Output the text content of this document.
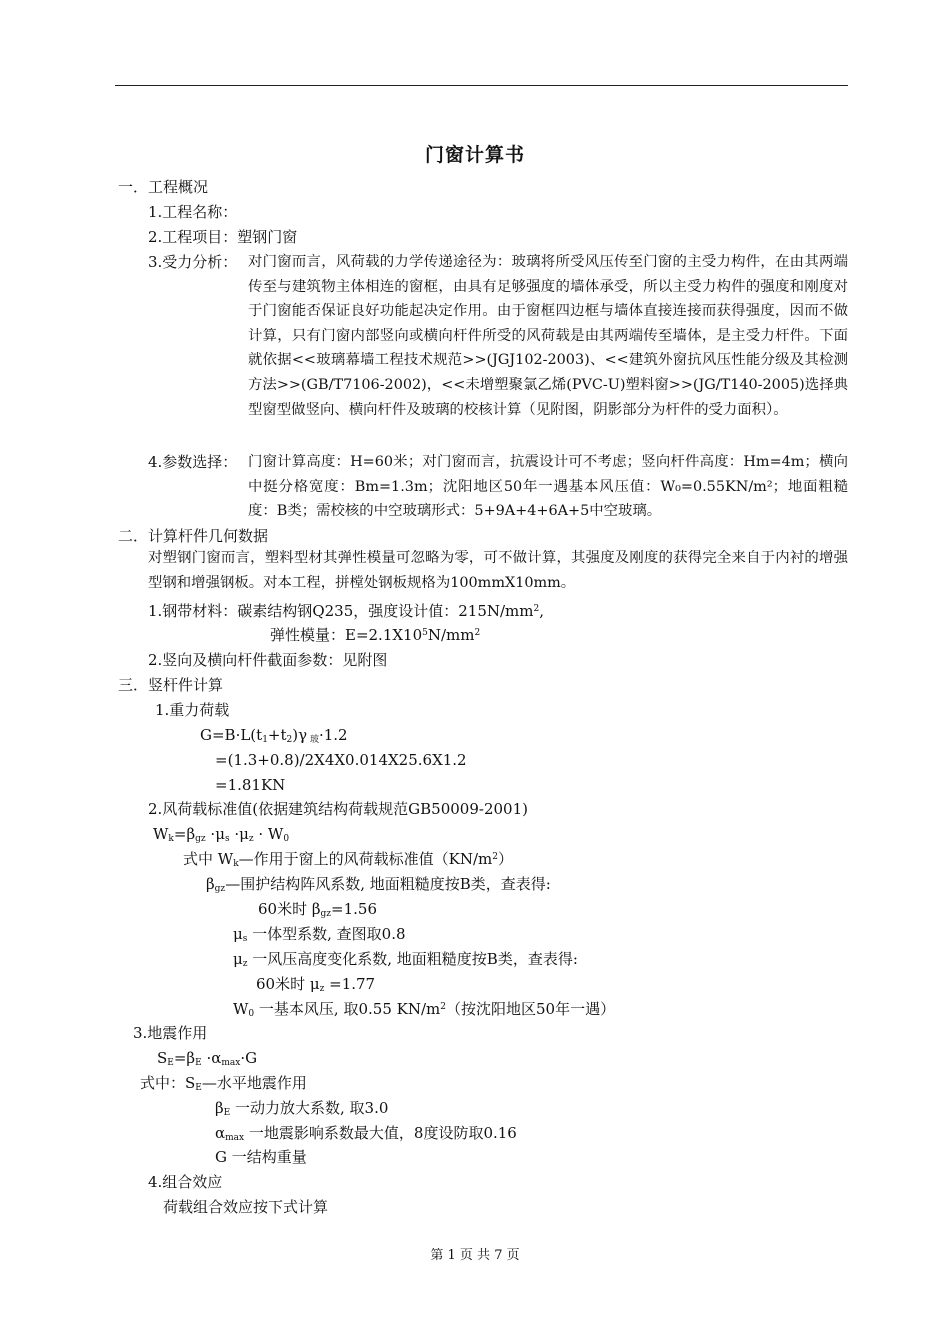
门窗计算书
一．工程概况
1.工程名称：
2.工程项目：塑钢门窗
3.受力分析： 对门窗而言，风荷载的力学传递途径为：玻璃将所受风压传至门窗的主受力构件，在由其两端传至与建筑物主体相连的窗框，由具有足够强度的墙体承受，所以主受力构件的强度和刚度对于门窗能否保证良好功能起决定作用。由于窗框四边框与墙体直接连接而获得强度，因而不做计算，只有门窗内部竖向或横向杆件所受的风荷载是由其两端传至墙体，是主受力杆件。下面就依据<<玻璃幕墙工程技术规范>>(JGJ102-2003)、<<建筑外窗抗风压性能分级及其检测方法>>(GB/T7106-2002)，<<未增塑聚氯乙烯(PVC-U)塑料窗>>(JG/T140-2005)选择典型窗型做竖向、横向杆件及玻璃的校核计算（见附图，阴影部分为杆件的受力面积）。
4.参数选择： 门窗计算高度：H=60米；对门窗而言，抗震设计可不考虑；竖向杆件高度：Hm=4m；横向中挺分格宽度：Bm=1.3m；沈阳地区50年一遇基本风压值：W₀=0.55KN/m²；地面粗糙度：B类；需校核的中空玻璃形式：5+9A+4+6A+5中空玻璃。
二．计算杆件几何数据
对塑钢门窗而言，塑料型材其弹性模量可忽略为零，可不做计算，其强度及刚度的获得完全来自于内衬的增强型钢和增强钢板。对本工程，拼樘处钢板规格为100mmX10mm。
1.钢带材料：碳素结构钢Q235，强度设计值：$215N/mm^2$,
弹性模量：$E=2.1X10^5N/mm^2$
2.竖向及横向杆件截面参数：见附图
三．竖杆件计算
1.重力荷载
$G=B\cdot L(t_1+t_2)\gamma$ $_玻$·1.2
=(1.3+0.8)/2X4X0.014X25.6X1.2
=1.81KN
2.风荷载标准值(依据建筑结构荷载规范GB50009-2001)
$W_k=\beta_{gz} \cdot\mu_s \cdot\mu_z \cdot W_0$
式中 $W_k—$作用于窗上的风荷载标准值$(KN/m^2)$
$\beta_{gz}—$围护结构阵风系数, 地面粗糙度按B类，查表得:
60米时 $\beta_{gz}=1.56$
$\mu_s$ 一体型系数, 查图取0.8
$\mu_z$ 一风压高度变化系数, 地面粗糙度按B类，查表得:
60米时 $\mu_z =1.77$
$W_0$ 一基本风压, 取0.55 $KN/m^2$（按沈阳地区50年一遇）
3.地震作用
$S_E=\beta_E \cdot\alpha_{max}\cdot G$
式中：$S_E—$水平地震作用
$\beta_E$ 一动力放大系数, 取3.0
$\alpha_{max}$ 一地震影响系数最大值，8度设防取0.16
G 一结构重量
4.组合效应
荷载组合效应按下式计算
第 1 页 共 7 页
